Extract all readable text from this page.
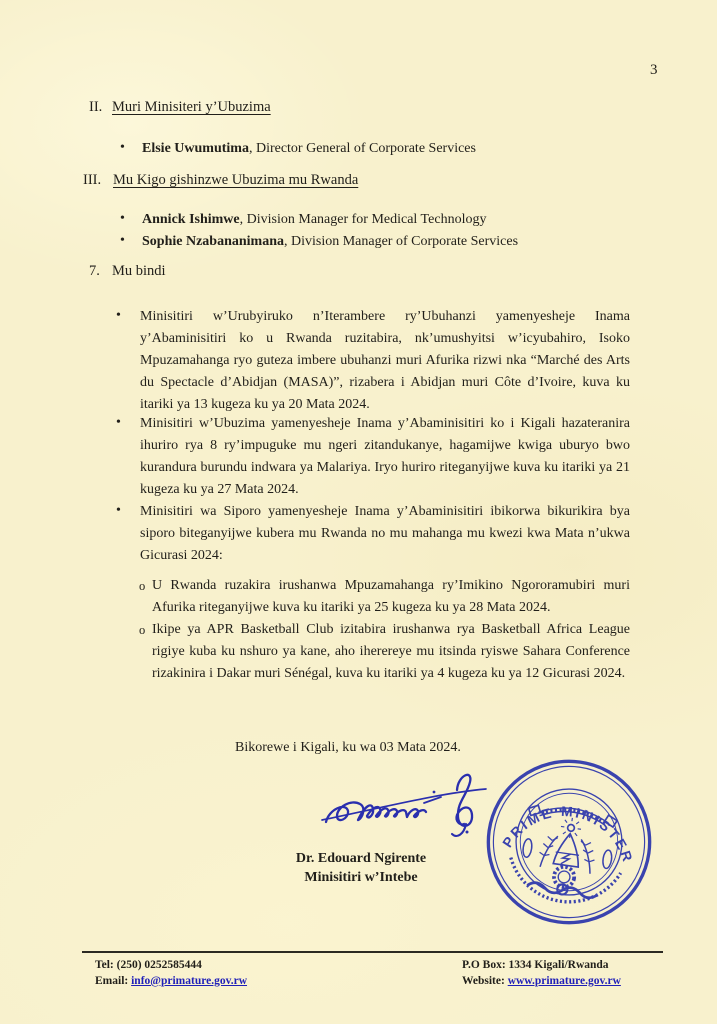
3
II. Muri Minisiteri y’Ubuzima
• Elsie Uwumutima, Director General of Corporate Services
III. Mu Kigo gishinzwe Ubuzima mu Rwanda
• Annick Ishimwe, Division Manager for Medical Technology
• Sophie Nzabananimana, Division Manager of Corporate Services
7. Mu bindi
• Minisitiri w’Urubyiruko n’Iterambere ry’Ubuhanzi yamenyesheje Inama y’Abaminisitiri ko u Rwanda ruzitabira, nk’umushyitsi w’icyubahiro, Isoko Mpuzamahanga ryo guteza imbere ubuhanzi muri Afurika rizwi nka “Marché des Arts du Spectacle d’Abidjan (MASA)”, rizabera i Abidjan muri Côte d’Ivoire, kuva ku itariki ya 13 kugeza ku ya 20 Mata 2024.
• Minisitiri w’Ubuzima yamenyesheje Inama y’Abaminisitiri ko i Kigali hazateranira ihuriro rya 8 ry’impuguke mu ngeri zitandukanye, hagamijwe kwiga uburyo bwo kurandura burundu indwara ya Malariya. Iryo huriro riteganyijwe kuva ku itariki ya 21 kugeza ku ya 27 Mata 2024.
• Minisitiri wa Siporo yamenyesheje Inama y’Abaminisitiri ibikorwa bikurikira bya siporo biteganyijwe kubera mu Rwanda no mu mahanga mu kwezi kwa Mata n’ukwa Gicurasi 2024:
o U Rwanda ruzakira irushanwa Mpuzamahanga ry’Imikino Ngororamubiri muri Afurika riteganyijwe kuva ku itariki ya 25 kugeza ku ya 28 Mata 2024.
o Ikipe ya APR Basketball Club izitabira irushanwa rya Basketball Africa League rigiye kuba ku nshuro ya kane, aho iherereye mu itsinda ryiswe Sahara Conference rizakinira i Dakar muri Sénégal, kuva ku itariki ya 4 kugeza ku ya 12 Gicurasi 2024.
Bikorewe i Kigali, ku wa 03 Mata 2024.
Dr. Edouard Ngirente
Minisitiri w’Intebe
PRIME MINISTER
Tel: (250) 0252585444
Email: info@primature.gov.rw
P.O Box: 1334 Kigali/Rwanda
Website: www.primature.gov.rw
